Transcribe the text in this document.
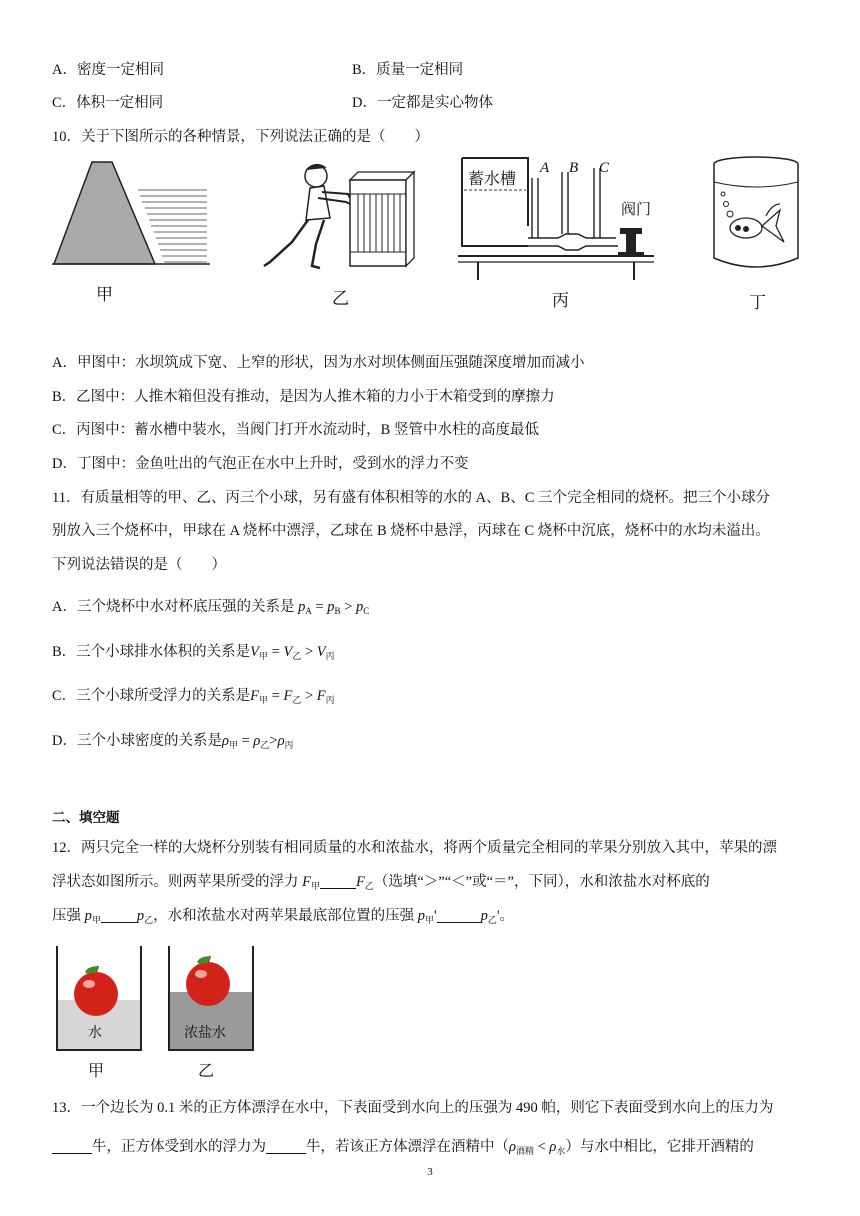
A．密度一定相同	B．质量一定相同
C．体积一定相同	D．一定都是实心物体
10．关于下图所示的各种情景，下列说法正确的是（　　）
甲	乙
蓄水槽
A B C
阀门
丙	丁
A．甲图中：水坝筑成下宽、上窄的形状，因为水对坝体侧面压强随深度增加而减小
B．乙图中：人推木箱但没有推动，是因为人推木箱的力小于木箱受到的摩擦力
C．丙图中：蓄水槽中装水，当阀门打开水流动时，B 竖管中水柱的高度最低
D．丁图中：金鱼吐出的气泡正在水中上升时，受到水的浮力不变
11．有质量相等的甲、乙、丙三个小球，另有盛有体积相等的水的 A、B、C 三个完全相同的烧杯。把三个小球分
别放入三个烧杯中，甲球在 A 烧杯中漂浮，乙球在 B 烧杯中悬浮，丙球在 C 烧杯中沉底，烧杯中的水均未溢出。
下列说法错误的是（　　）
A．三个烧杯中水对杯底压强的关系是 $p_A = p_B > p_C$
B．三个小球排水体积的关系是$V_甲 = V_乙 > V_丙$
C．三个小球所受浮力的关系是$F_甲 = F_乙 > F_丙$
D．三个小球密度的关系是$\rho_甲 = \rho_乙>\rho_丙$
二、填空题
12．两只完全一样的大烧杯分别装有相同质量的水和浓盐水，将两个质量完全相同的苹果分别放入其中，苹果的漂
浮状态如图所示。则两苹果所受的浮力 $F_甲$ $F_乙$（选填“＞”“＜”或“＝”，下同），水和浓盐水对杯底的
压强 $p_甲$ $p_乙$，水和浓盐水对两苹果最底部位置的压强 $p_甲'$	$p_乙'$。
水	浓盐水
甲	乙
13．一个边长为 0.1 米的正方体漂浮在水中，下表面受到水向上的压强为 490 帕，则它下表面受到水向上的压力为
牛，正方体受到水的浮力为	牛，若该正方体漂浮在酒精中$(\rho_{酒精} < \rho_水)$与水中相比，它排开酒精的
3
